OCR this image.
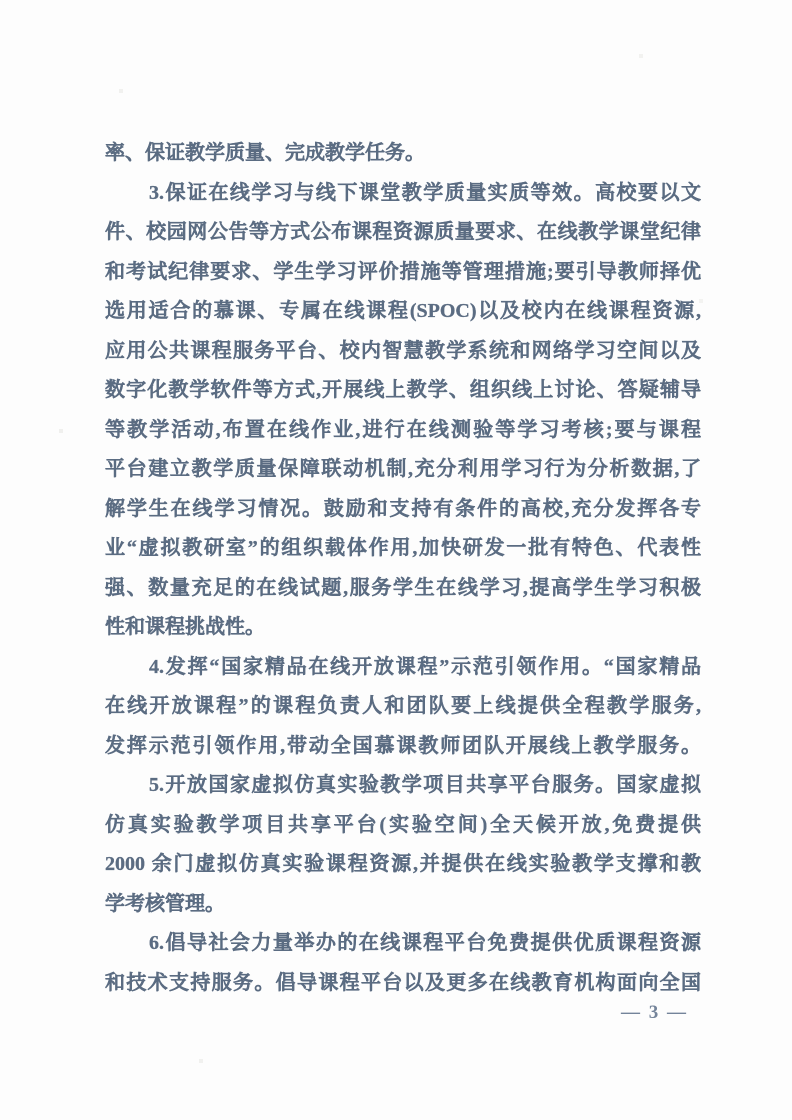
率、保证教学质量、完成教学任务。
3.保证在线学习与线下课堂教学质量实质等效。高校要以文
件、校园网公告等方式公布课程资源质量要求、在线教学课堂纪律
和考试纪律要求、学生学习评价措施等管理措施;要引导教师择优
选用适合的慕课、专属在线课程(SPOC)以及校内在线课程资源,
应用公共课程服务平台、校内智慧教学系统和网络学习空间以及
数字化教学软件等方式,开展线上教学、组织线上讨论、答疑辅导
等教学活动,布置在线作业,进行在线测验等学习考核;要与课程
平台建立教学质量保障联动机制,充分利用学习行为分析数据,了
解学生在线学习情况。鼓励和支持有条件的高校,充分发挥各专
业“虚拟教研室”的组织载体作用,加快研发一批有特色、代表性
强、数量充足的在线试题,服务学生在线学习,提高学生学习积极
性和课程挑战性。
4.发挥“国家精品在线开放课程”示范引领作用。“国家精品
在线开放课程”的课程负责人和团队要上线提供全程教学服务,
发挥示范引领作用,带动全国慕课教师团队开展线上教学服务。
5.开放国家虚拟仿真实验教学项目共享平台服务。国家虚拟
仿真实验教学项目共享平台(实验空间)全天候开放,免费提供
2000 余门虚拟仿真实验课程资源,并提供在线实验教学支撑和教
学考核管理。
6.倡导社会力量举办的在线课程平台免费提供优质课程资源
和技术支持服务。倡导课程平台以及更多在线教育机构面向全国
— 3 —
